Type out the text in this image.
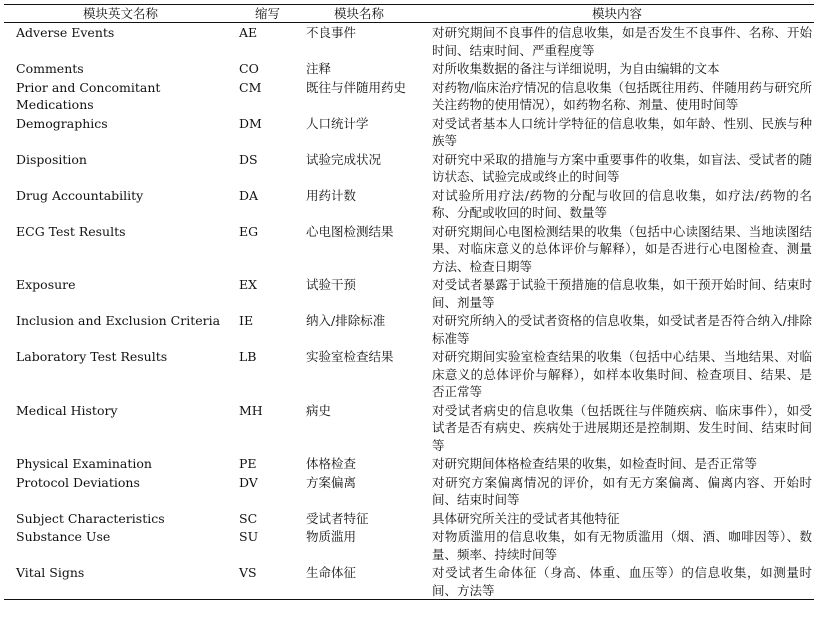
模块英文名称	缩写	模块名称	模块内容
Adverse Events	AE	不良事件	对研究期间不良事件的信息收集，如是否发生不良事件、名称、开始时间、结束时间、严重程度等
Comments	CO	注释	对所收集数据的备注与详细说明，为自由编辑的文本
Prior and Concomitant Medications	CM	既往与伴随用药史	对药物/临床治疗情况的信息收集（包括既往用药、伴随用药与研究所关注药物的使用情况），如药物名称、剂量、使用时间等
Demographics	DM	人口统计学	对受试者基本人口统计学特征的信息收集，如年龄、性别、民族与种族等
Disposition	DS	试验完成状况	对研究中采取的措施与方案中重要事件的收集，如盲法、受试者的随访状态、试验完成或终止的时间等
Drug Accountability	DA	用药计数	对试验所用疗法/药物的分配与收回的信息收集，如疗法/药物的名称、分配或收回的时间、数量等
ECG Test Results	EG	心电图检测结果	对研究期间心电图检测结果的收集（包括中心读图结果、当地读图结果、对临床意义的总体评价与解释），如是否进行心电图检查、测量方法、检查日期等
Exposure	EX	试验干预	对受试者暴露于试验干预措施的信息收集，如干预开始时间、结束时间、剂量等
Inclusion and Exclusion Criteria	IE	纳入/排除标准	对研究所纳入的受试者资格的信息收集，如受试者是否符合纳入/排除标准等
Laboratory Test Results	LB	实验室检查结果	对研究期间实验室检查结果的收集（包括中心结果、当地结果、对临床意义的总体评价与解释），如样本收集时间、检查项目、结果、是否正常等
Medical History	MH	病史	对受试者病史的信息收集（包括既往与伴随疾病、临床事件），如受试者是否有病史、疾病处于进展期还是控制期、发生时间、结束时间等
Physical Examination	PE	体格检查	对研究期间体格检查结果的收集，如检查时间、是否正常等
Protocol Deviations	DV	方案偏离	对研究方案偏离情况的评价，如有无方案偏离、偏离内容、开始时间、结束时间等
Subject Characteristics	SC	受试者特征	具体研究所关注的受试者其他特征
Substance Use	SU	物质滥用	对物质滥用的信息收集，如有无物质滥用（烟、酒、咖啡因等）、数量、频率、持续时间等
Vital Signs	VS	生命体征	对受试者生命体征（身高、体重、血压等）的信息收集，如测量时间、方法等
